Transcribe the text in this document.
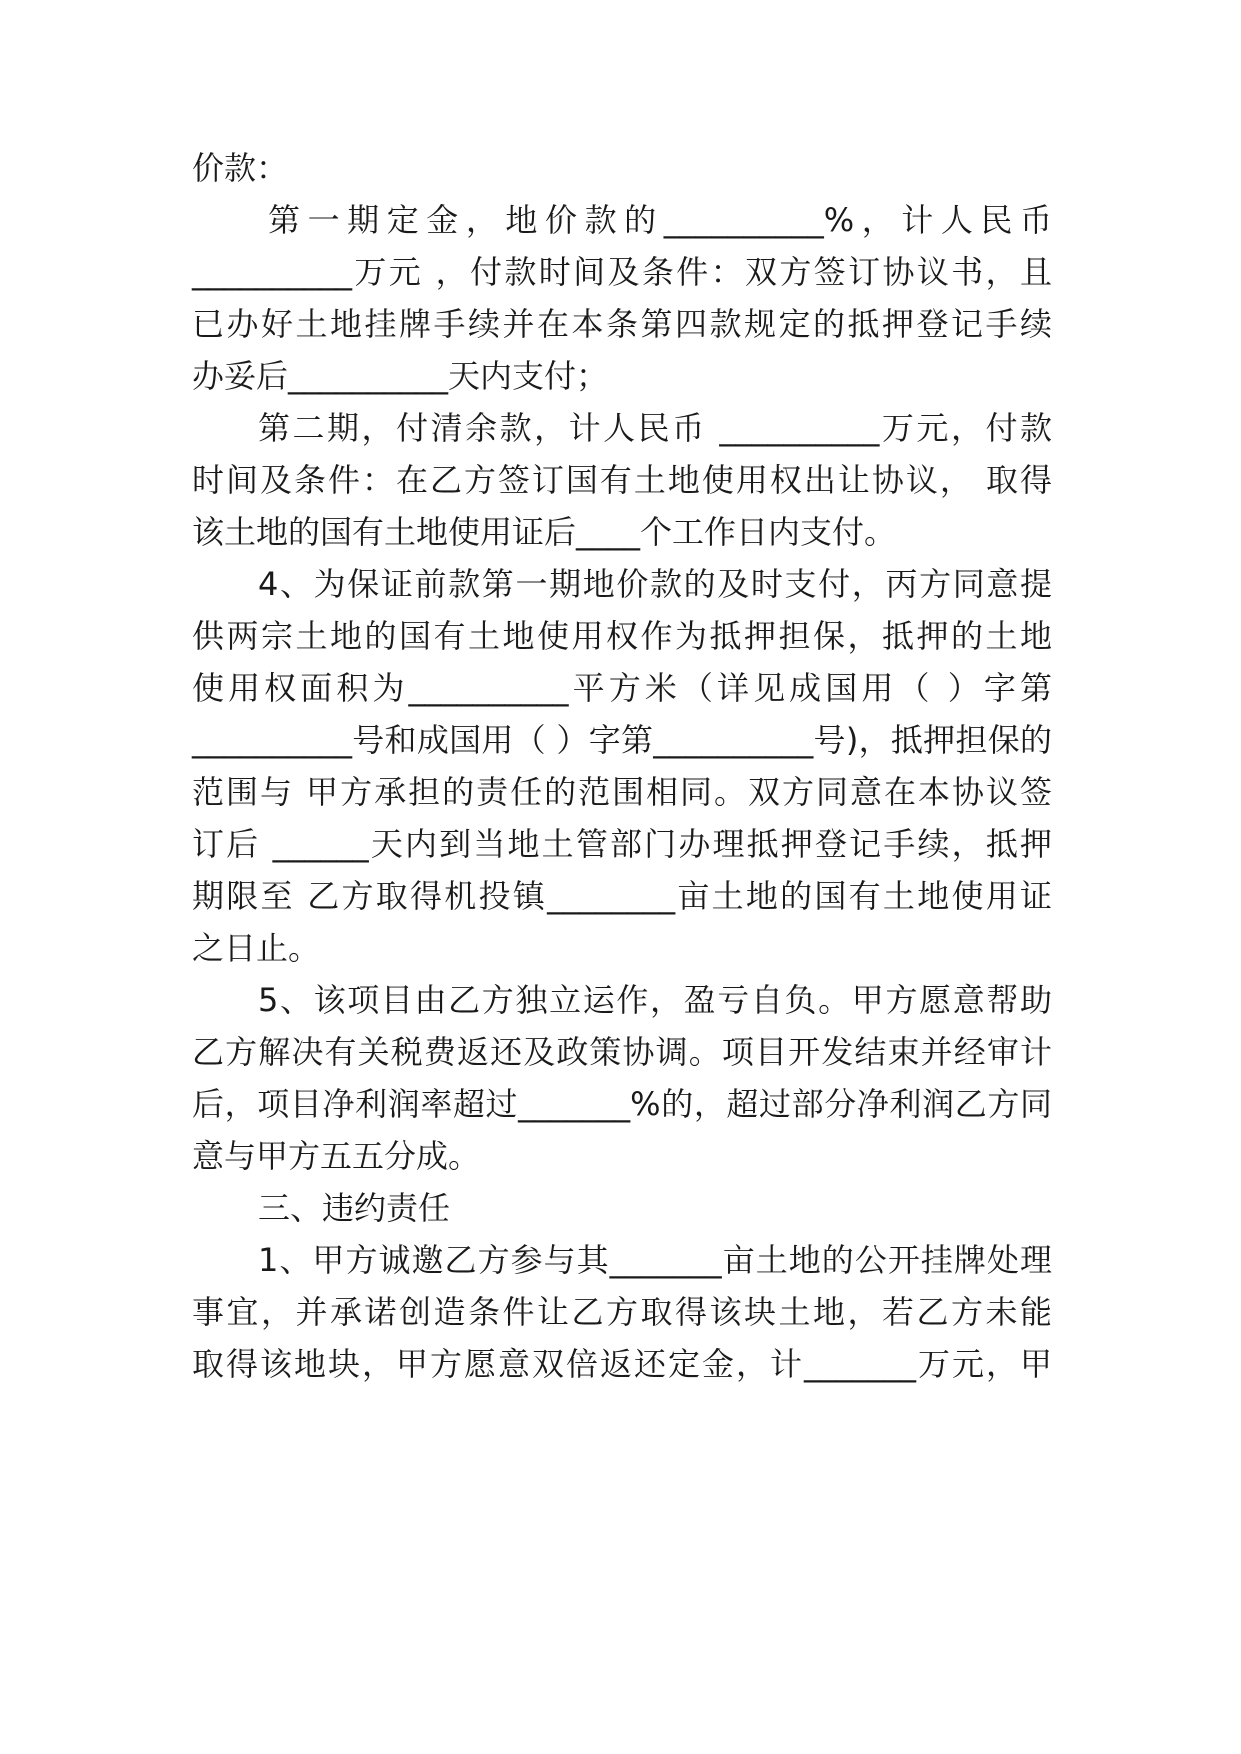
价款：
第一期定金，地价款的__________%，计人民币
__________万元 ，付款时间及条件：双方签订协议书，且
已办好土地挂牌手续并在本条第四款规定的抵押登记手续
办妥后__________天内支付；
第二期，付清余款，计人民币 __________万元，付款
时间及条件：在乙方签订国有土地使用权出让协议， 取得
该土地的国有土地使用证后____个工作日内支付。
4、为保证前款第一期地价款的及时支付，丙方同意提
供两宗土地的国有土地使用权作为抵押担保，抵押的土地
使用权面积为__________平方米（详见成国用（ ）字第
__________号和成国用（ ）字第__________号)，抵押担保的
范围与 甲方承担的责任的范围相同。双方同意在本协议签
订后 ______天内到当地土管部门办理抵押登记手续，抵押
期限至 乙方取得机投镇________亩土地的国有土地使用证
之日止。
5、该项目由乙方独立运作，盈亏自负。甲方愿意帮助
乙方解决有关税费返还及政策协调。项目开发结束并经审计
后，项目净利润率超过_______%的，超过部分净利润乙方同
意与甲方五五分成。
三、违约责任
1、甲方诚邀乙方参与其_______亩土地的公开挂牌处理
事宜，并承诺创造条件让乙方取得该块土地，若乙方未能
取得该地块，甲方愿意双倍返还定金，计_______万元，甲
